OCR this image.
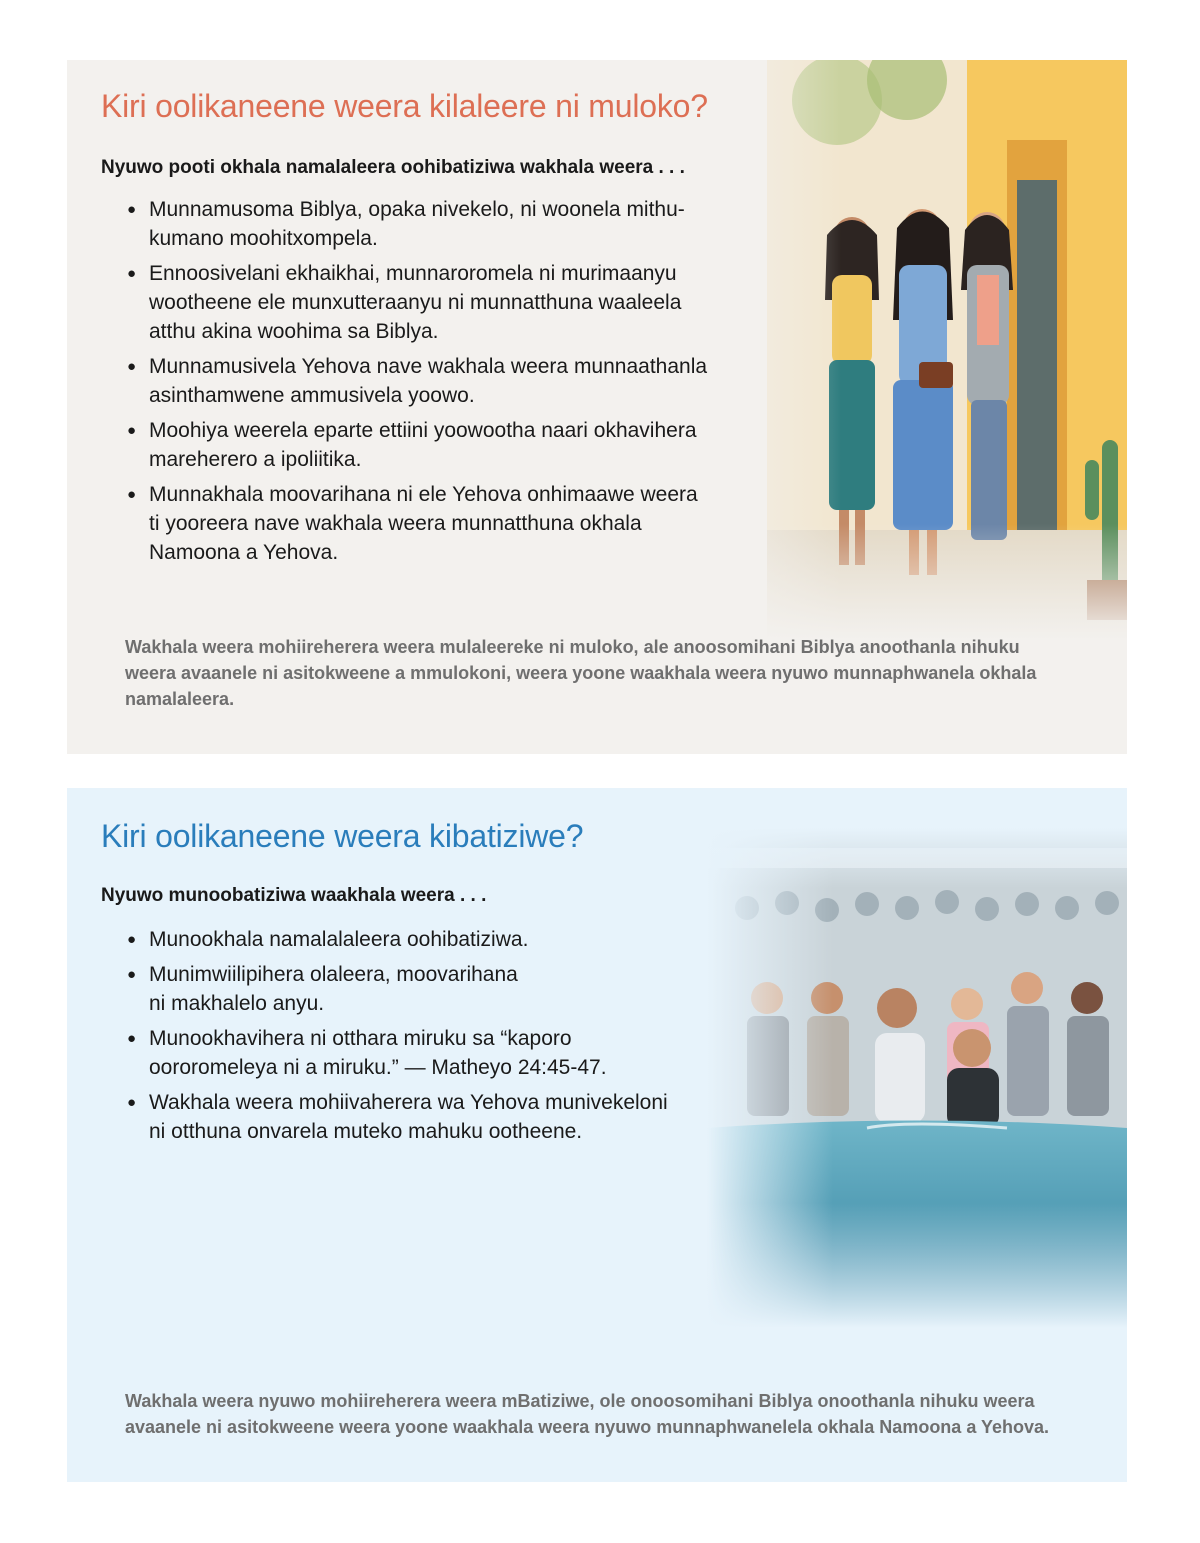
Kiri oolikaneene weera kilaleere ni muloko?

Nyuwo pooti okhala namalaleera oohibatiziwa wakhala weera . . .

● Munnamusoma Biblya, opaka nivekelo, ni woonela mithu-
kumano moohitxompela.
● Ennoosivelani ekhaikhai, munnaroromela ni murimaanyu
wootheene ele munxutteraanyu ni munnatthuna waaleela
atthu akina woohima sa Biblya.
● Munnamusivela Yehova nave wakhala weera munnaathanla
asinthamwene ammusivela yoowo.
● Moohiya weerela eparte ettiini yoowootha naari okhavihera
mareherero a ipoliitika.
● Munnakhala moovarihana ni ele Yehova onhimaawe weera
ti yooreera nave wakhala weera munnatthuna okhala
Namoona a Yehova.

Wakhala weera mohiireherera weera mulaleereke ni muloko, ale anoosomihani Biblya anoothanla nihuku weera avaanele ni asitokweene a mmulokoni, weera yoone waakhala weera nyuwo munnaphwanela okhala namalaleera.

Kiri oolikaneene weera kibatiziwe?

Nyuwo munoobatiziwa waakhala weera . . .

● Munookhala namalalaleera oohibatiziwa.
● Munimwiilipihera olaleera, moovarihana
ni makhalelo anyu.
● Munookhavihera ni otthara miruku sa “kaporo
oororomeleya ni a miruku.” — Matheyo 24:45-47.
● Wakhala weera mohiivaherera wa Yehova munivekeloni
ni otthuna onvarela muteko mahuku ootheene.

Wakhala weera nyuwo mohiireherera weera mBatiziwe, ole onoosomihani Biblya onoothanla nihuku weera avaanele ni asitokweene weera yoone waakhala weera nyuwo munnaphwanelela okhala Namoona a Yehova.
